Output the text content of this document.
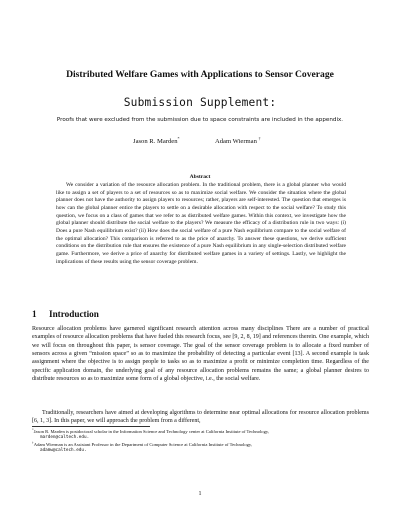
Distributed Welfare Games with Applications to Sensor Coverage
Submission Supplement:
Proofs that were excluded from the submission due to space constraints are included in the appendix.
Jason R. Marden*	Adam Wierman †
Abstract

We consider a variation of the resource allocation problem. In the traditional problem, there is a global planner who would like to assign a set of players to a set of resources so as to maximize social welfare. We consider the situation where the global planner does not have the authority to assign players to resources; rather, players are self-interested. The question that emerges is how can the global planner entice the players to settle on a desirable allocation with respect to the social welfare? To study this question, we focus on a class of games that we refer to as distributed welfare games. Within this context, we investigate how the global planner should distribute the social welfare to the players? We measure the efficacy of a distribution rule in two ways: (i) Does a pure Nash equilibrium exist? (ii) How does the social welfare of a pure Nash equilibrium compare to the social welfare of the optimal allocation? This comparison is referred to as the price of anarchy. To answer these questions, we derive sufficient conditions on the distribution rule that ensures the existence of a pure Nash equilibrium in any single-selection distributed welfare game. Furthermore, we derive a price of anarchy for distributed welfare games in a variety of settings. Lastly, we highlight the implications of these results using the sensor coverage problem.

1 Introduction

Resource allocation problems have garnered significant research attention across many disciplines There are a number of practical examples of resource allocation problems that have fueled this research focus, see [9, 2, 8, 19] and references therein. One example, which we will focus on throughout this paper, is sensor coverage. The goal of the sensor coverage problem is to allocate a fixed number of sensors across a given “mission space” so as to maximize the probability of detecting a particular event [13]. A second example is task assignment where the objective is to assign people to tasks so as to maximize a profit or minimize completion time. Regardless of the specific application domain, the underlying goal of any resource allocation problems remains the same; a global planner desires to distribute resources so as to maximize some form of a global objective, i.e., the social welfare.

Traditionally, researchers have aimed at developing algorithms to determine near optimal allocations for resource allocation problems [6, 1, 3]. In this paper, we will approach the problem from a different,

*Jason R. Marden is postdoctoral scholar in the Information Science and Technology center at California Institute of Technology,

marden@caltech.edu.

†Adam Wierman is an Assistant Professor in the Department of Computer Science at California Institute of Technology,

adamw@caltech.edu.

1
